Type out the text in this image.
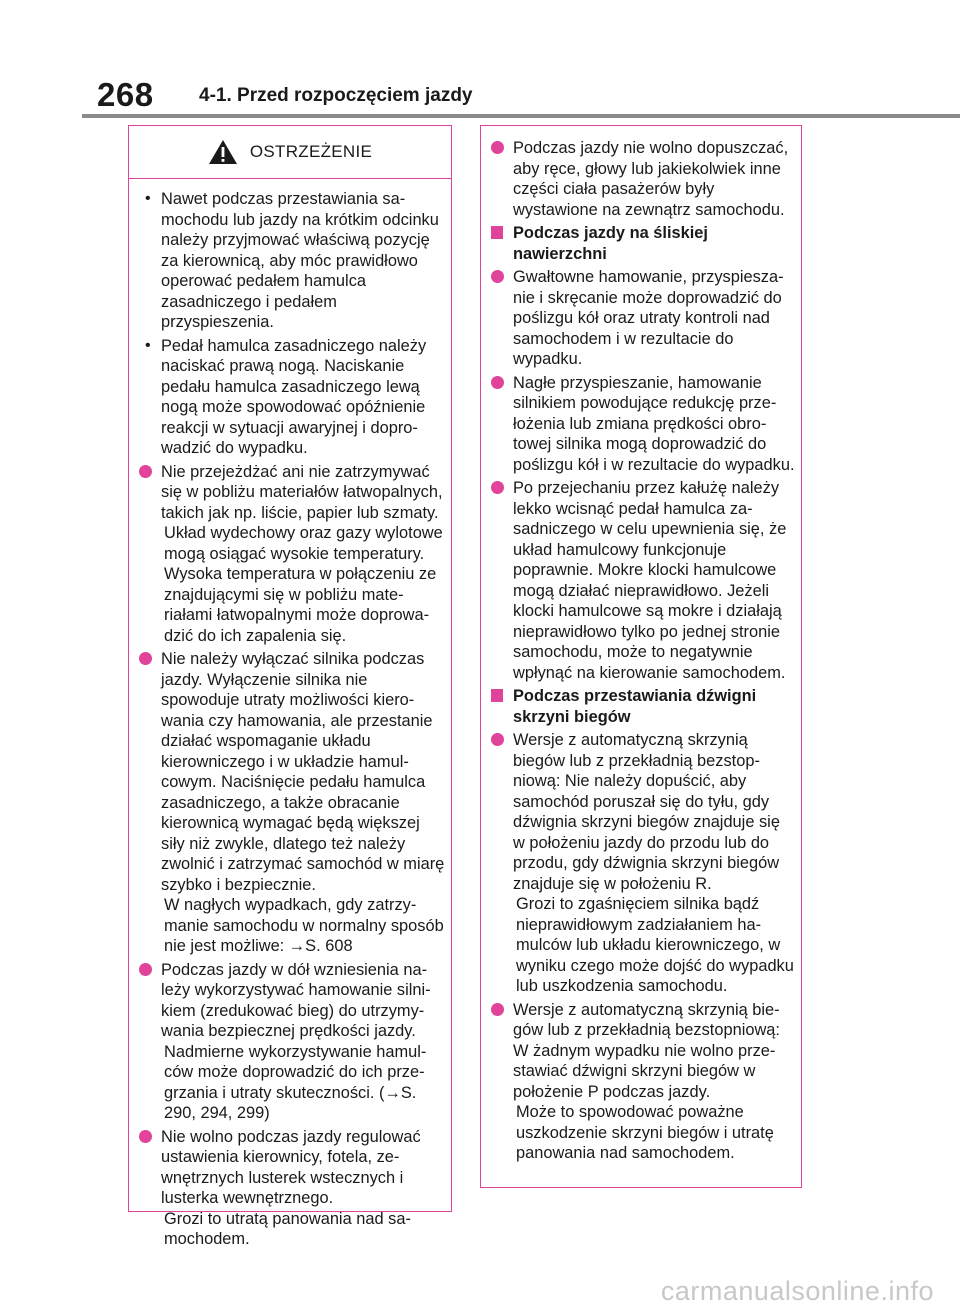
268 4-1. Przed rozpoczęciem jazdy
OSTRZEŻENIE
• Nawet podczas przestawiania samochodu lub jazdy na krótkim odcinku należy przyjmować właściwą pozycję za kierownicą, aby móc prawidłowo operować pedałem hamulca zasadniczego i pedałem przyspieszenia.
• Pedał hamulca zasadniczego należy naciskać prawą nogą. Naciskanie pedału hamulca zasadniczego lewą nogą może spowodować opóźnienie reakcji w sytuacji awaryjnej i doprowadzić do wypadku.
Nie przejeżdżać ani nie zatrzymywać się w pobliżu materiałów łatwopalnych, takich jak np. liście, papier lub szmaty.
Układ wydechowy oraz gazy wylotowe mogą osiągać wysokie temperatury. Wysoka temperatura w połączeniu ze znajdującymi się w pobliżu materiałami łatwopalnymi może doprowadzić do ich zapalenia się.
Nie należy wyłączać silnika podczas jazdy. Wyłączenie silnika nie spowoduje utraty możliwości kierowania czy hamowania, ale przestanie działać wspomaganie układu kierowniczego i w układzie hamulcowym. Naciśnięcie pedału hamulca zasadniczego, a także obracanie kierownicą wymagać będą większej siły niż zwykle, dlatego też należy zwolnić i zatrzymać samochód w miarę szybko i bezpiecznie.
W nagłych wypadkach, gdy zatrzymanie samochodu w normalny sposób nie jest możliwe: →S. 608
Podczas jazdy w dół wzniesienia należy wykorzystywać hamowanie silnikiem (zredukować bieg) do utrzymywania bezpiecznej prędkości jazdy.
Nadmierne wykorzystywanie hamulców może doprowadzić do ich przegrzania i utraty skuteczności. (→S. 290, 294, 299)
Nie wolno podczas jazdy regulować ustawienia kierownicy, fotela, zewnętrznych lusterek wstecznych i lusterka wewnętrznego.
Grozi to utratą panowania nad samochodem.
Podczas jazdy nie wolno dopuszczać, aby ręce, głowy lub jakiekolwiek inne części ciała pasażerów były wystawione na zewnątrz samochodu.
Podczas jazdy na śliskiej nawierzchni
Gwałtowne hamowanie, przyspieszanie i skręcanie może doprowadzić do poślizgu kół oraz utraty kontroli nad samochodem i w rezultacie do wypadku.
Nagłe przyspieszanie, hamowanie silnikiem powodujące redukcję przełożenia lub zmiana prędkości obrotowej silnika mogą doprowadzić do poślizgu kół i w rezultacie do wypadku.
Po przejechaniu przez kałużę należy lekko wcisnąć pedał hamulca zasadniczego w celu upewnienia się, że układ hamulcowy funkcjonuje poprawnie. Mokre klocki hamulcowe mogą działać nieprawidłowo. Jeżeli klocki hamulcowe są mokre i działają nieprawidłowo tylko po jednej stronie samochodu, może to negatywnie wpłynąć na kierowanie samochodem.
Podczas przestawiania dźwigni skrzyni biegów
Wersje z automatyczną skrzynią biegów lub z przekładnią bezstopniową: Nie należy dopuścić, aby samochód poruszał się do tyłu, gdy dźwignia skrzyni biegów znajduje się w położeniu jazdy do przodu lub do przodu, gdy dźwignia skrzyni biegów znajduje się w położeniu R.
Grozi to zgaśnięciem silnika bądź nieprawidłowym zadziałaniem hamulców lub układu kierowniczego, w wyniku czego może dojść do wypadku lub uszkodzenia samochodu.
Wersje z automatyczną skrzynią biegów lub z przekładnią bezstopniową: W żadnym wypadku nie wolno przestawiać dźwigni skrzyni biegów w położenie P podczas jazdy.
Może to spowodować poważne uszkodzenie skrzyni biegów i utratę panowania nad samochodem.
carmanualsonline.info
